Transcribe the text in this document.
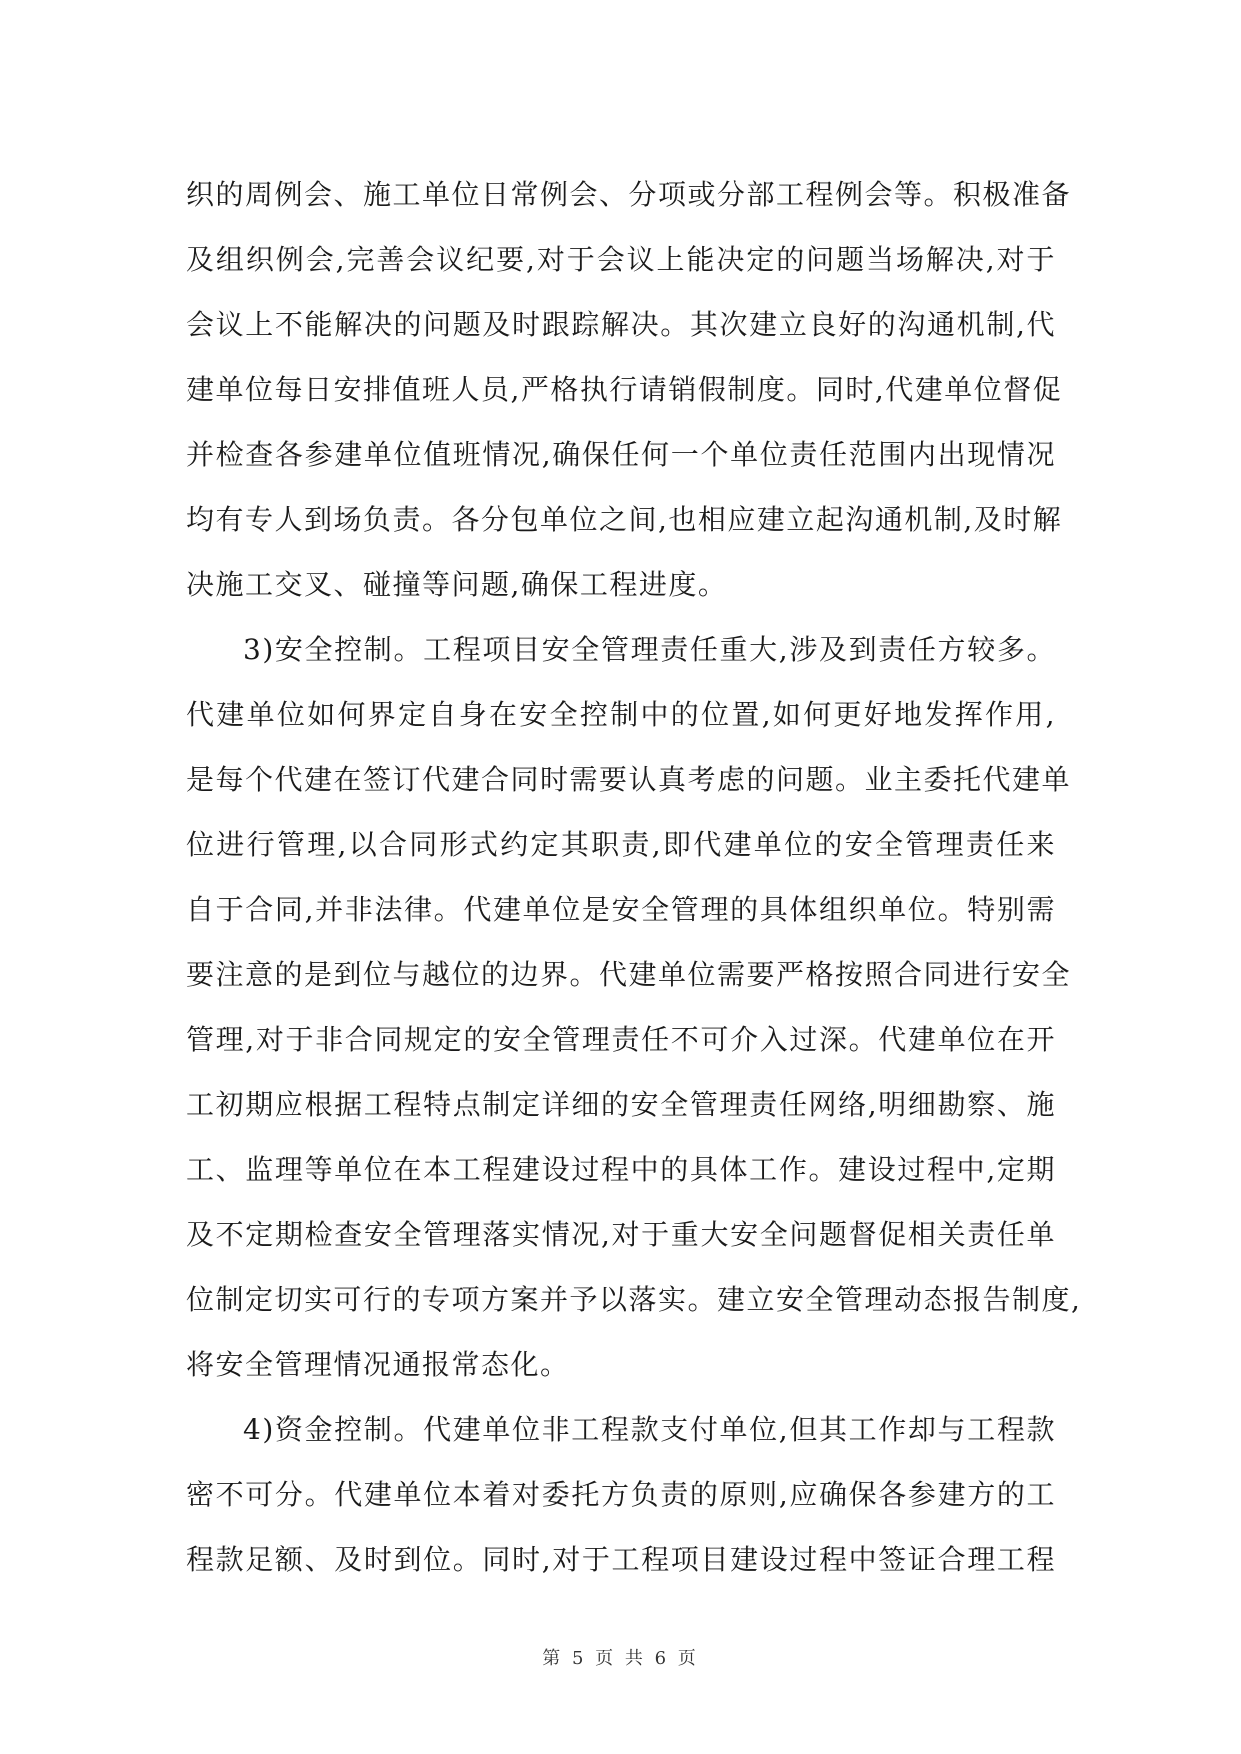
织的周例会、施工单位日常例会、分项或分部工程例会等。积极准备
及组织例会,完善会议纪要,对于会议上能决定的问题当场解决,对于
会议上不能解决的问题及时跟踪解决。其次建立良好的沟通机制,代
建单位每日安排值班人员,严格执行请销假制度。同时,代建单位督促
并检查各参建单位值班情况,确保任何一个单位责任范围内出现情况
均有专人到场负责。各分包单位之间,也相应建立起沟通机制,及时解
决施工交叉、碰撞等问题,确保工程进度。
3)安全控制。工程项目安全管理责任重大,涉及到责任方较多。
代建单位如何界定自身在安全控制中的位置,如何更好地发挥作用,
是每个代建在签订代建合同时需要认真考虑的问题。业主委托代建单
位进行管理,以合同形式约定其职责,即代建单位的安全管理责任来
自于合同,并非法律。代建单位是安全管理的具体组织单位。特别需
要注意的是到位与越位的边界。代建单位需要严格按照合同进行安全
管理,对于非合同规定的安全管理责任不可介入过深。代建单位在开
工初期应根据工程特点制定详细的安全管理责任网络,明细勘察、施
工、监理等单位在本工程建设过程中的具体工作。建设过程中,定期
及不定期检查安全管理落实情况,对于重大安全问题督促相关责任单
位制定切实可行的专项方案并予以落实。建立安全管理动态报告制度,
将安全管理情况通报常态化。
4)资金控制。代建单位非工程款支付单位,但其工作却与工程款
密不可分。代建单位本着对委托方负责的原则,应确保各参建方的工
程款足额、及时到位。同时,对于工程项目建设过程中签证合理工程
第 5 页 共 6 页
